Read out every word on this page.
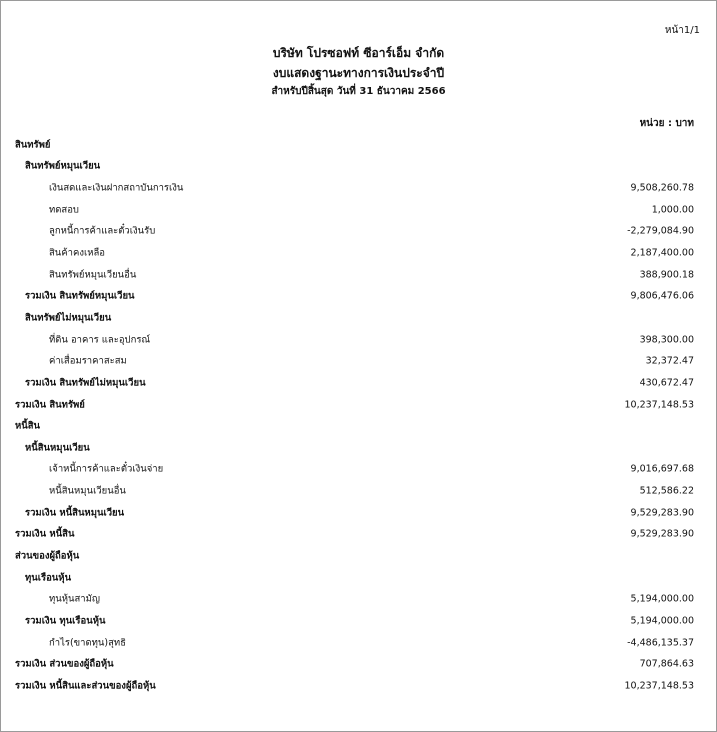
หน้า1/1
บริษัท โปรซอฟท์ ซีอาร์เอ็ม จำกัด
งบแสดงฐานะทางการเงินประจำปี
สำหรับปีสิ้นสุด วันที่ 31 ธันวาคม 2566
หน่วย : บาท
สินทรัพย์
สินทรัพย์หมุนเวียน
เงินสดและเงินฝากสถาบันการเงิน	9,508,260.78
ทดสอบ	1,000.00
ลูกหนี้การค้าและตั๋วเงินรับ	-2,279,084.90
สินค้าคงเหลือ	2,187,400.00
สินทรัพย์หมุนเวียนอื่น	388,900.18
รวมเงิน สินทรัพย์หมุนเวียน	9,806,476.06
สินทรัพย์ไม่หมุนเวียน
ที่ดิน อาคาร และอุปกรณ์	398,300.00
ค่าเสื่อมราคาสะสม	32,372.47
รวมเงิน สินทรัพย์ไม่หมุนเวียน	430,672.47
รวมเงิน สินทรัพย์	10,237,148.53
หนี้สิน
หนี้สินหมุนเวียน
เจ้าหนี้การค้าและตั๋วเงินจ่าย	9,016,697.68
หนี้สินหมุนเวียนอื่น	512,586.22
รวมเงิน หนี้สินหมุนเวียน	9,529,283.90
รวมเงิน หนี้สิน	9,529,283.90
ส่วนของผู้ถือหุ้น
ทุนเรือนหุ้น
ทุนหุ้นสามัญ	5,194,000.00
รวมเงิน ทุนเรือนหุ้น	5,194,000.00
กำไร(ขาดทุน)สุทธิ	-4,486,135.37
รวมเงิน ส่วนของผู้ถือหุ้น	707,864.63
รวมเงิน หนี้สินและส่วนของผู้ถือหุ้น	10,237,148.53
